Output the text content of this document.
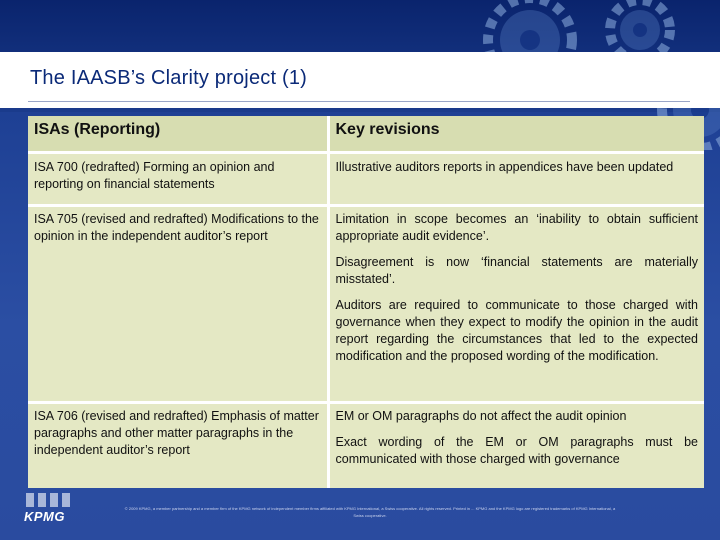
The IAASB’s Clarity project (1)
ISAs (Reporting)	Key revisions
ISA 700 (redrafted) Forming an opinion and reporting on financial statements	Illustrative auditors reports in appendices have been updated

ISA 705 (revised and redrafted) Modifications to the opinion in the independent auditor’s report	Limitation in scope becomes an ‘inability to obtain sufficient appropriate audit evidence’.

Disagreement is now ‘financial statements are materially misstated’.

Auditors are required to communicate to those charged with governance when they expect to modify the opinion in the audit report regarding the circumstances that led to the expected modification and the proposed wording of the modification.

ISA 706 (revised and redrafted) Emphasis of matter paragraphs and other matter paragraphs in the independent auditor’s report	EM or OM paragraphs do not affect the audit opinion

Exact wording of the EM or OM paragraphs must be communicated with those charged with governance

KPMG
© 2009 KPMG, a member partnership and a member firm of the KPMG network of independent member firms affiliated with KPMG International, a Swiss cooperative. All rights reserved. Printed in ... KPMG and the KPMG logo are registered trademarks of KPMG International, a Swiss cooperative.
